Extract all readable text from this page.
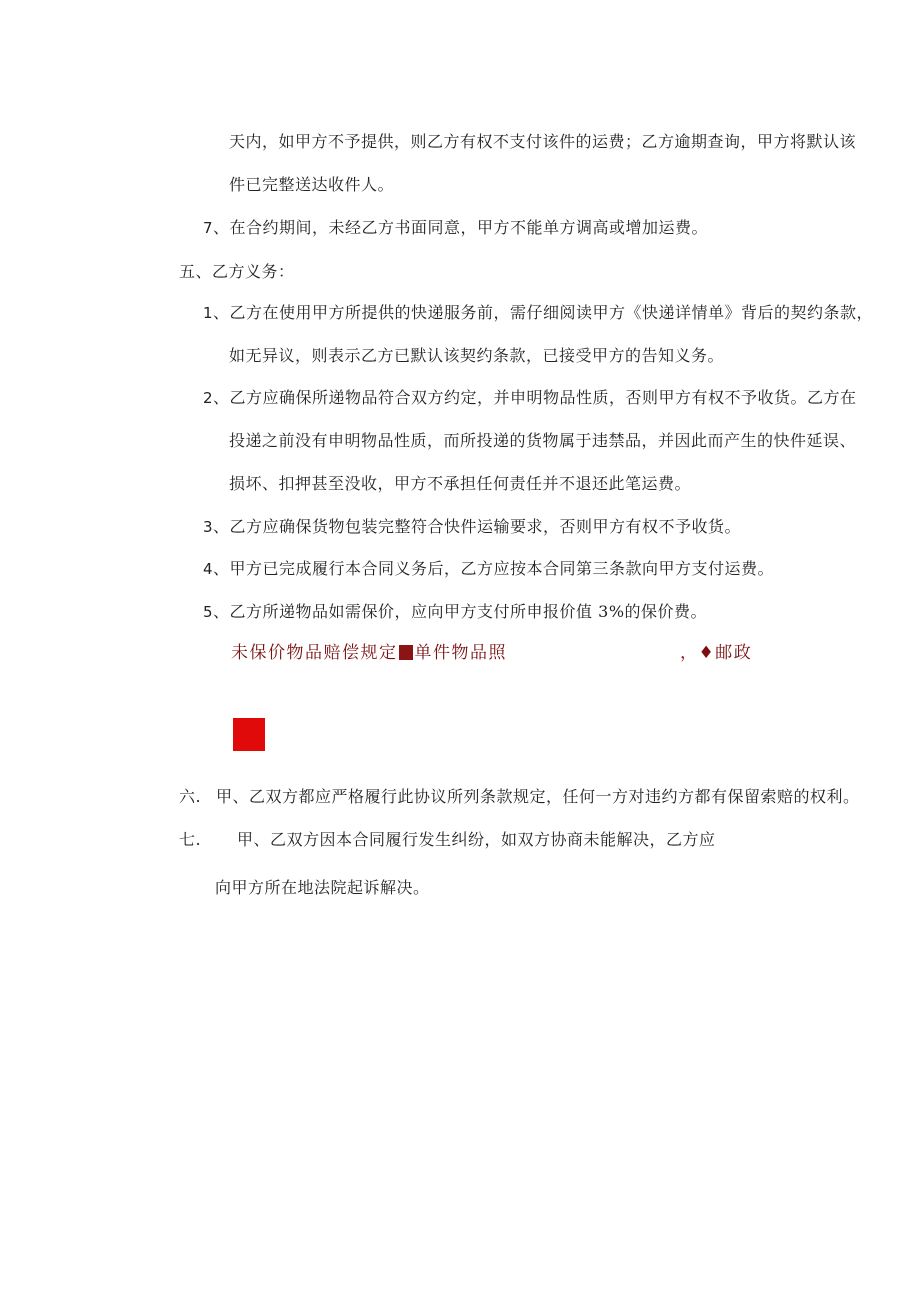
天内，如甲方不予提供，则乙方有权不支付该件的运费；乙方逾期查询，甲方将默认该
件已完整送达收件人。
7、在合约期间，未经乙方书面同意，甲方不能单方调高或增加运费。
五、乙方义务：
1、乙方在使用甲方所提供的快递服务前，需仔细阅读甲方《快递详情单》背后的契约条款，
如无异议，则表示乙方已默认该契约条款，已接受甲方的告知义务。
2、乙方应确保所递物品符合双方约定，并申明物品性质，否则甲方有权不予收货。乙方在
投递之前没有申明物品性质，而所投递的货物属于违禁品，并因此而产生的快件延误、
损坏、扣押甚至没收，甲方不承担任何责任并不退还此笔运费。
3、乙方应确保货物包装完整符合快件运输要求，否则甲方有权不予收货。
4、甲方已完成履行本合同义务后，乙方应按本合同第三条款向甲方支付运费。
5、乙方所递物品如需保价，应向甲方支付所申报价值 3%的保价费。
未保价物品赔偿规定 单件物品照	，♦邮政
六. 甲、乙双方都应严格履行此协议所列条款规定，任何一方对违约方都有保留索赔的权利。
七. 甲、乙双方因本合同履行发生纠纷，如双方协商未能解决，乙方应
向甲方所在地法院起诉解决。
